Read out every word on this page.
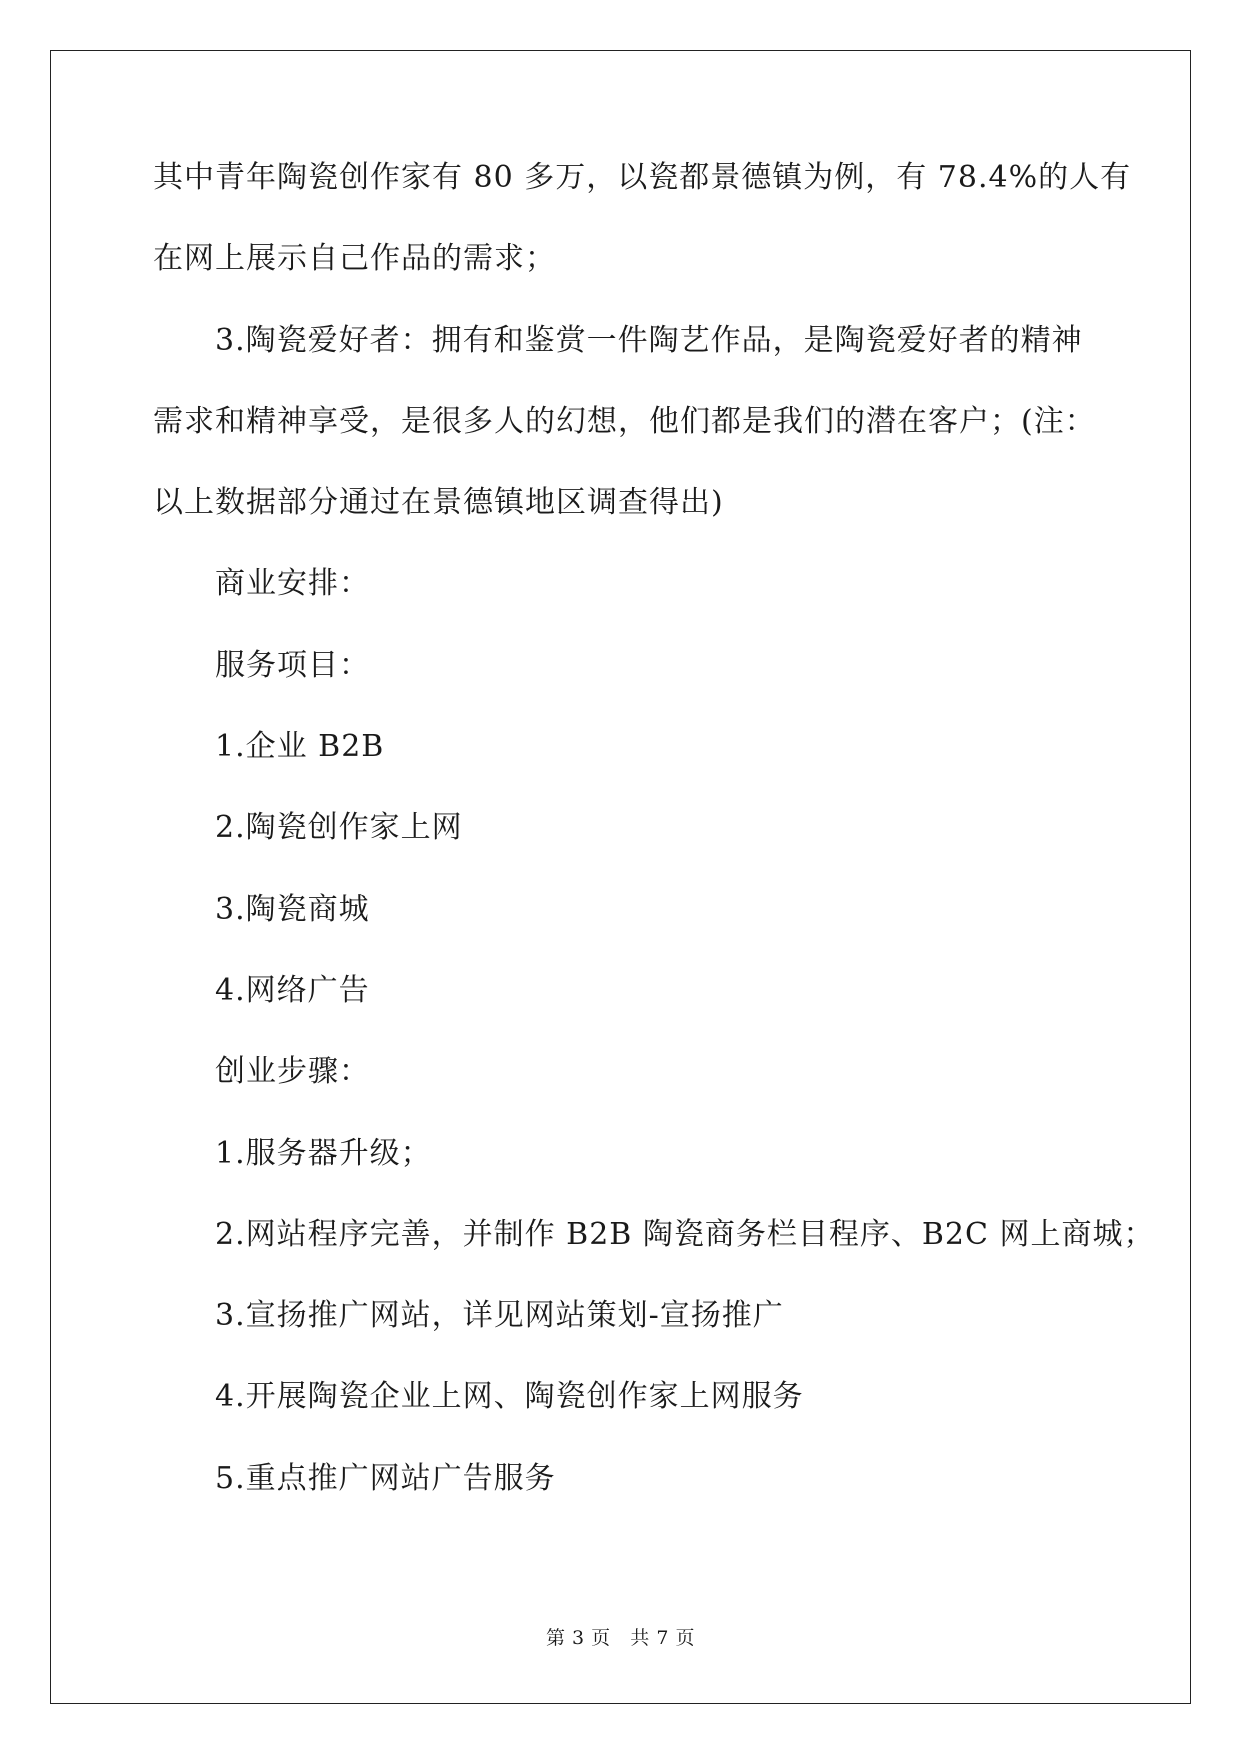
其中青年陶瓷创作家有 80 多万，以瓷都景德镇为例，有 78.4%的人有
在网上展示自己作品的需求；
3.陶瓷爱好者：拥有和鉴赏一件陶艺作品，是陶瓷爱好者的精神
需求和精神享受，是很多人的幻想，他们都是我们的潜在客户；(注：
以上数据部分通过在景德镇地区调查得出)
商业安排：
服务项目：
1.企业 B2B
2.陶瓷创作家上网
3.陶瓷商城
4.网络广告
创业步骤：
1.服务器升级；
2.网站程序完善，并制作 B2B 陶瓷商务栏目程序、B2C 网上商城；
3.宣扬推广网站，详见网站策划-宣扬推广
4.开展陶瓷企业上网、陶瓷创作家上网服务
5.重点推广网站广告服务
第 3 页   共 7 页
